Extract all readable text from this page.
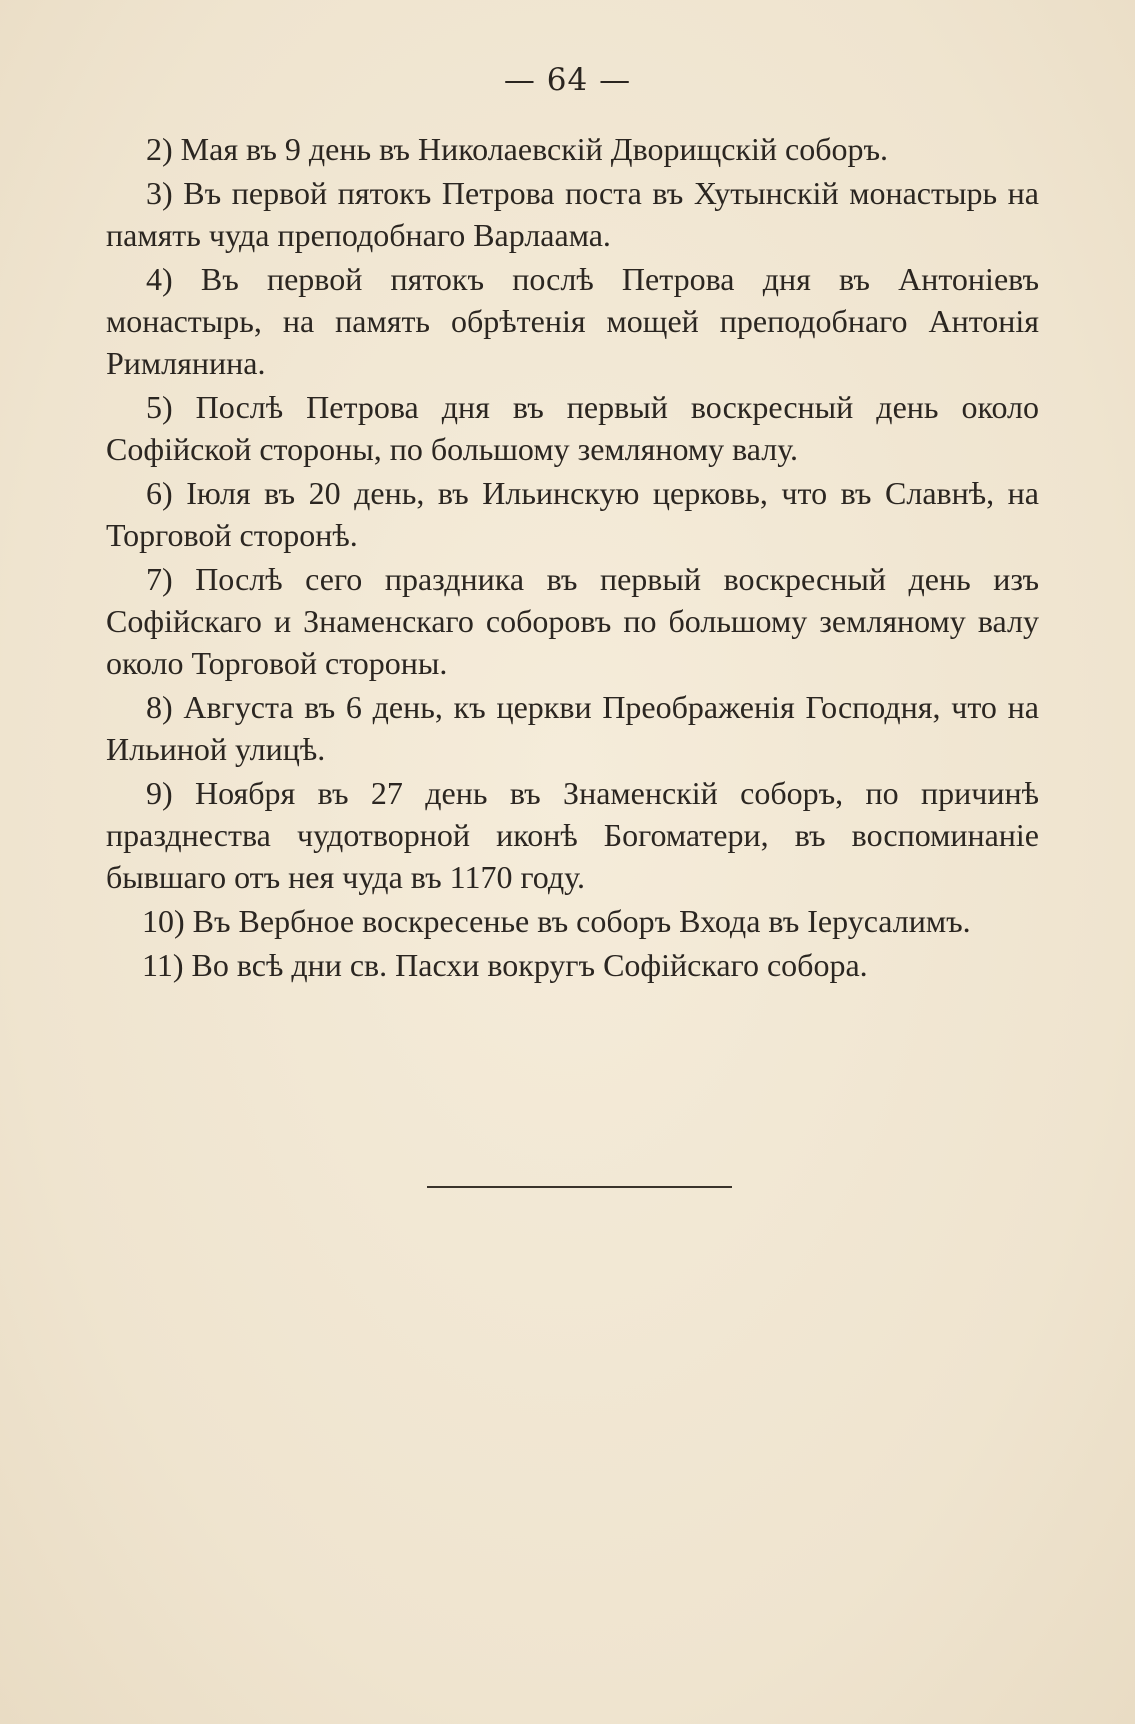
— 64 —

2) Мая въ 9 день въ Николаевскій Дворищскій соборъ.

3) Въ первой пятокъ Петрова поста въ Хутынскій монастырь на память чуда преподобнаго Варлаама.

4) Въ первой пятокъ послѣ Петрова дня въ Антоніевъ монастырь, на память обрѣтенія мощей преподобнаго Антонія Римлянина.

5) Послѣ Петрова дня въ первый воскресный день около Софійской стороны, по большому земляному валу.

6) Іюля въ 20 день, въ Ильинскую церковь, что въ Славнѣ, на Торговой сторонѣ.

7) Послѣ сего праздника въ первый воскресный день изъ Софійскаго и Знаменскаго соборовъ по большому земляному валу около Торговой стороны.

8) Августа въ 6 день, къ церкви Преображенія Господня, что на Ильиной улицѣ.

9) Ноября въ 27 день въ Знаменскій соборъ, по причинѣ празднества чудотворной иконѣ Богоматери, въ воспоминаніе бывшаго отъ нея чуда въ 1170 году.

10) Въ Вербное воскресенье въ соборъ Входа въ Іерусалимъ.

11) Во всѣ дни св. Пасхи вокругъ Софійскаго собора.
